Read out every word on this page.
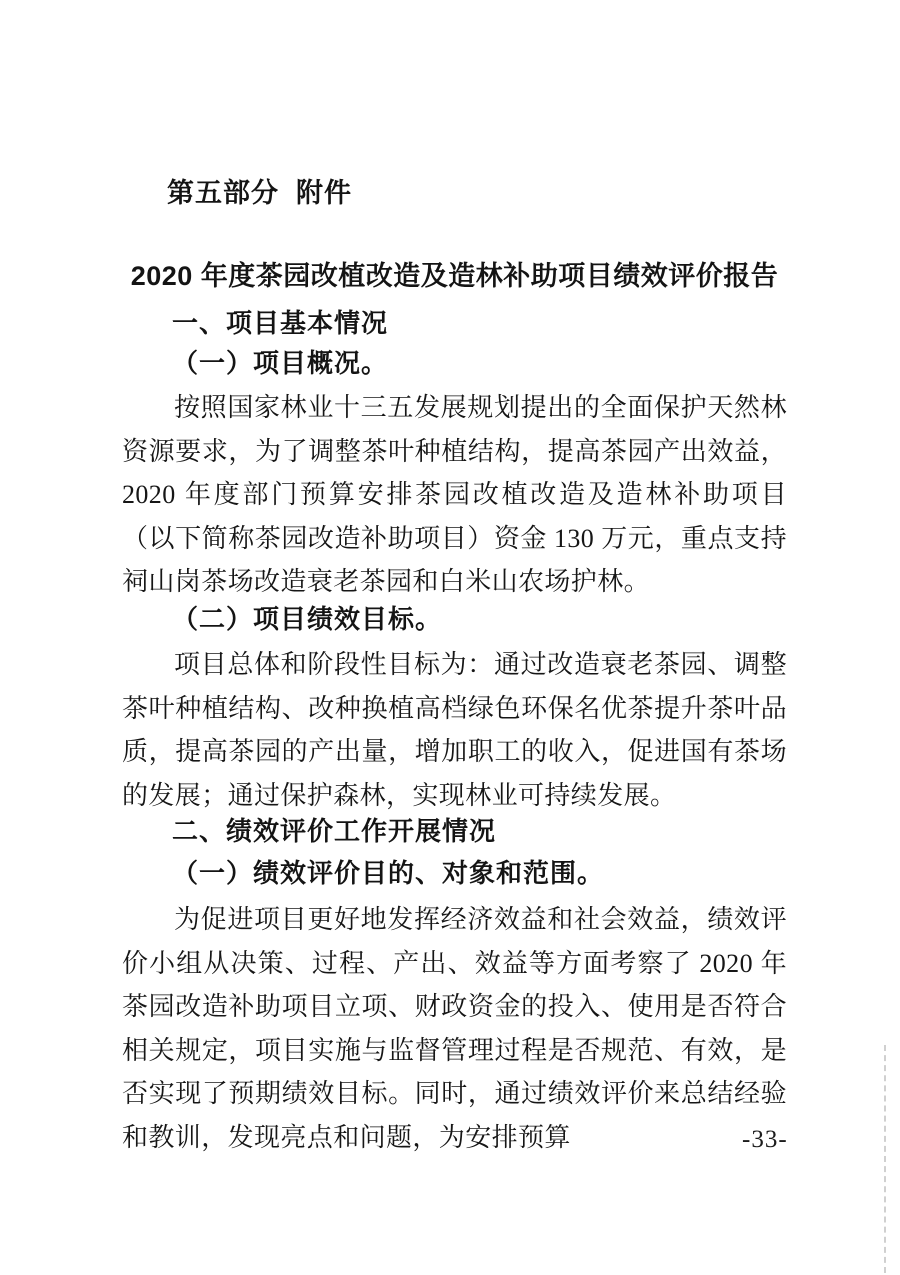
第五部分  附件
2020 年度茶园改植改造及造林补助项目绩效评价报告
一、项目基本情况
（一）项目概况。
按照国家林业十三五发展规划提出的全面保护天然林资源要求，为了调整茶叶种植结构，提高茶园产出效益，2020 年度部门预算安排茶园改植改造及造林补助项目（以下简称茶园改造补助项目）资金 130 万元，重点支持祠山岗茶场改造衰老茶园和白米山农场护林。
（二）项目绩效目标。
项目总体和阶段性目标为：通过改造衰老茶园、调整茶叶种植结构、改种换植高档绿色环保名优茶提升茶叶品质，提高茶园的产出量，增加职工的收入，促进国有茶场的发展；通过保护森林，实现林业可持续发展。
二、绩效评价工作开展情况
（一）绩效评价目的、对象和范围。
为促进项目更好地发挥经济效益和社会效益，绩效评价小组从决策、过程、产出、效益等方面考察了 2020 年茶园改造补助项目立项、财政资金的投入、使用是否符合相关规定，项目实施与监督管理过程是否规范、有效，是否实现了预期绩效目标。同时，通过绩效评价来总结经验和教训，发现亮点和问题，为安排预算	-33-
